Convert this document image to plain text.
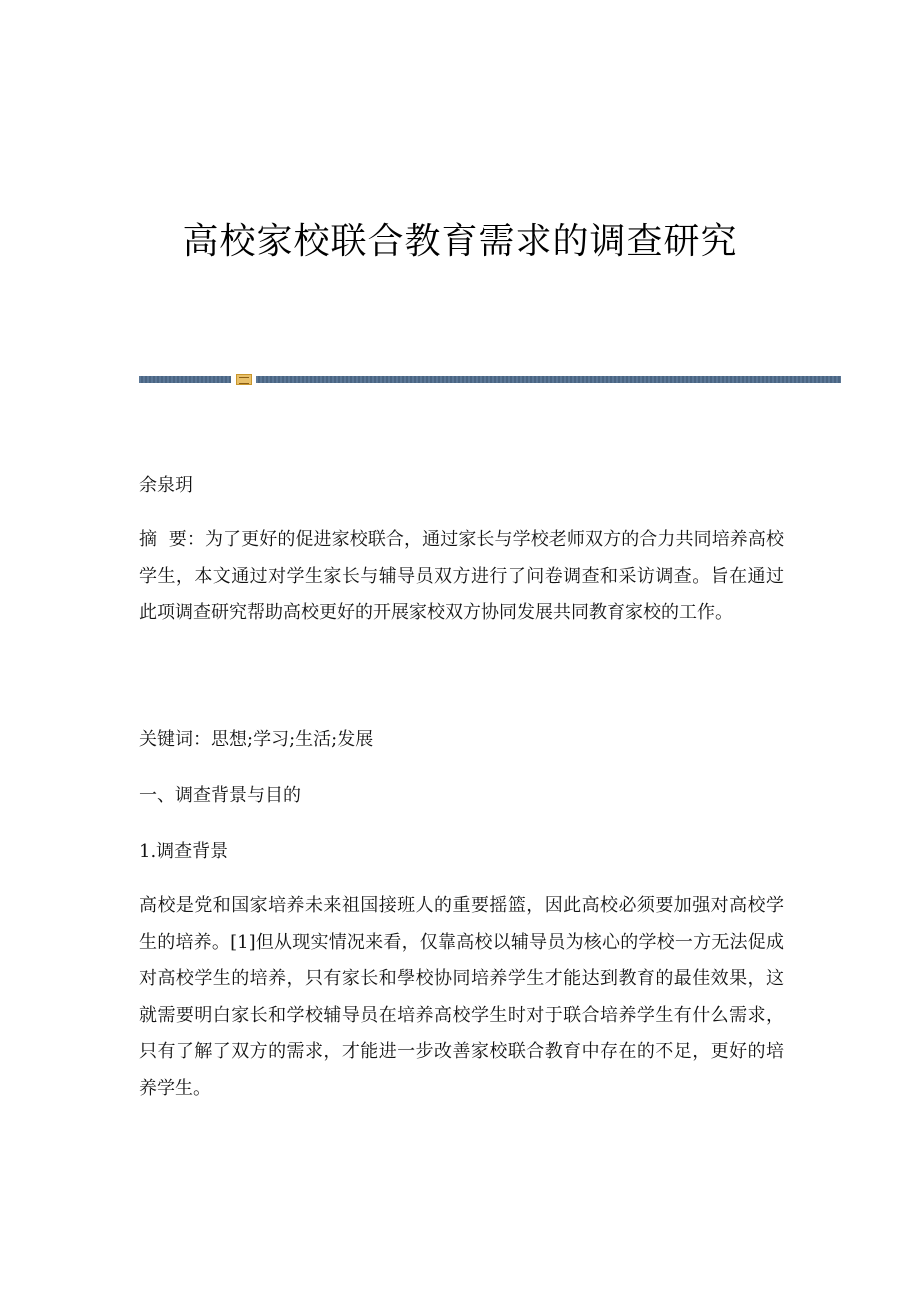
高校家校联合教育需求的调查研究

余泉玥

摘  要：为了更好的促进家校联合，通过家长与学校老师双方的合力共同培养高校学生，本文通过对学生家长与辅导员双方进行了问卷调查和采访调查。旨在通过此项调查研究帮助高校更好的开展家校双方协同发展共同教育家校的工作。

关键词：思想;学习;生活;发展

一、调查背景与目的

1.调查背景

高校是党和国家培养未来祖国接班人的重要摇篮，因此高校必须要加强对高校学生的培养。[1]但从现实情况来看，仅靠高校以辅导员为核心的学校一方无法促成对高校学生的培养，只有家长和學校协同培养学生才能达到教育的最佳效果，这就需要明白家长和学校辅导员在培养高校学生时对于联合培养学生有什么需求，只有了解了双方的需求，才能进一步改善家校联合教育中存在的不足，更好的培养学生。
